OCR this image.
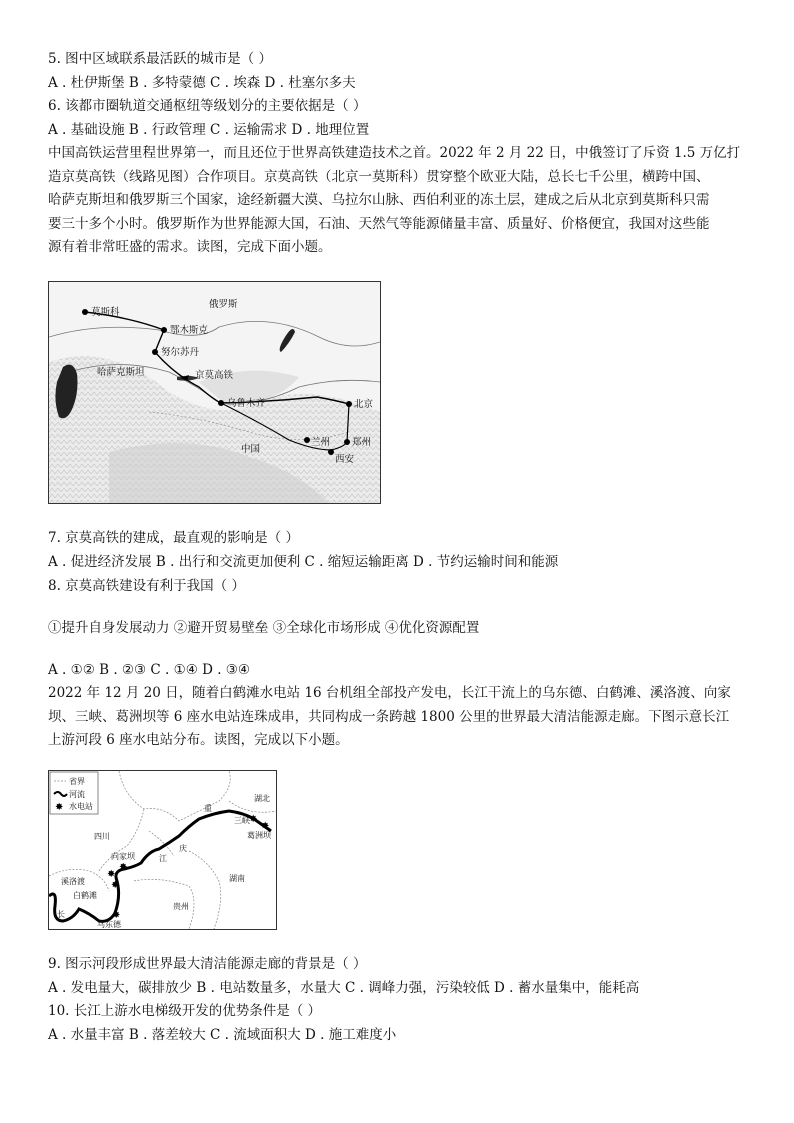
5. 图中区域联系最活跃的城市是（ ）
A . 杜伊斯堡 B . 多特蒙德 C . 埃森 D . 杜塞尔多夫
6. 该都市圈轨道交通枢纽等级划分的主要依据是（ ）
A . 基础设施 B . 行政管理 C . 运输需求 D . 地理位置
中国高铁运营里程世界第一，而且还位于世界高铁建造技术之首。2022 年 2 月 22 日，中俄签订了斥资 1.5 万亿打
造京莫高铁（线路见图）合作项目。京莫高铁（北京一莫斯科）贯穿整个欧亚大陆，总长七千公里，横跨中国、
哈萨克斯坦和俄罗斯三个国家，途经新疆大漠、乌拉尔山脉、西伯利亚的冻土层，建成之后从北京到莫斯科只需
要三十多个小时。俄罗斯作为世界能源大国，石油、天然气等能源储量丰富、质量好、价格便宜，我国对这些能
源有着非常旺盛的需求。读图，完成下面小题。
莫斯科
俄罗斯
鄂木斯克
努尔苏丹
哈萨克斯坦	京莫高铁
乌鲁木齐	北京
兰州 郑州
西安
中国
7. 京莫高铁的建成，最直观的影响是（ ）
A . 促进经济发展 B . 出行和交流更加便利 C . 缩短运输距离 D . 节约运输时间和能源
8. 京莫高铁建设有利于我国（ ）
①提升自身发展动力 ②避开贸易壁垒 ③全球化市场形成 ④优化资源配置
A . ①② B . ②③ C . ①④ D . ③④
2022 年 12 月 20 日，随着白鹤滩水电站 16 台机组全部投产发电，长江干流上的乌东德、白鹤滩、溪洛渡、向家
坝、三峡、葛洲坝等 6 座水电站连珠成串，共同构成一条跨越 1800 公里的世界最大清洁能源走廊。下图示意长江
上游河段 6 座水电站分布。读图，完成以下小题。
省界
河流
✸ 水电站
✸
✸
✸
✸
✸
✸
湖北
重
庆
江
三峡
葛洲坝
四川
向家坝
溪洛渡
白鹤滩
乌东德
贵州
湖南
长
9. 图示河段形成世界最大清洁能源走廊的背景是（ ）
A . 发电量大，碳排放少 B . 电站数量多，水量大 C . 调峰力强，污染较低 D . 蓄水量集中，能耗高
10. 长江上游水电梯级开发的优势条件是（ ）
A . 水量丰富 B . 落差较大 C . 流域面积大 D . 施工难度小
